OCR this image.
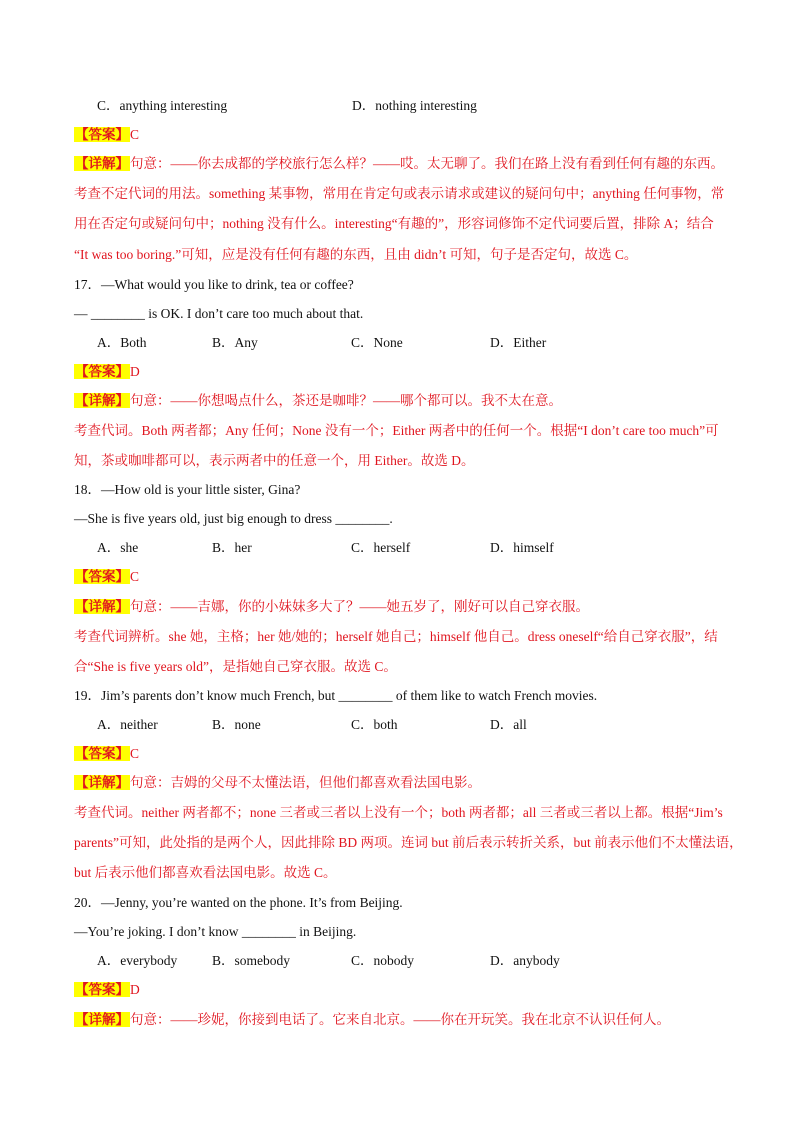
C．anything interesting	D．nothing interesting
【答案】C
【详解】句意：——你去成都的学校旅行怎么样？——哎。太无聊了。我们在路上没有看到任何有趣的东西。
考查不定代词的用法。something 某事物，常用在肯定句或表示请求或建议的疑问句中；anything 任何事物，常
用在否定句或疑问句中；nothing 没有什么。interesting“有趣的”，形容词修饰不定代词要后置，排除 A；结合
“It was too boring.”可知，应是没有任何有趣的东西，且由 didn’t 可知，句子是否定句，故选 C。
17．—What would you like to drink, tea or coffee?
— ________ is OK. I don’t care too much about that.
A．Both	B．Any	C．None	D．Either
【答案】D
【详解】句意：——你想喝点什么，茶还是咖啡？——哪个都可以。我不太在意。
考查代词。Both 两者都；Any 任何；None 没有一个；Either 两者中的任何一个。根据“I don’t care too much”可
知，茶或咖啡都可以，表示两者中的任意一个，用 Either。故选 D。
18．—How old is your little sister, Gina?
—She is five years old, just big enough to dress ________.
A．she	B．her	C．herself	D．himself
【答案】C
【详解】句意：——吉娜，你的小妹妹多大了？——她五岁了，刚好可以自己穿衣服。
考查代词辨析。she 她，主格；her 她/她的；herself 她自己；himself 他自己。dress oneself“给自己穿衣服”，结
合“She is five years old”，是指她自己穿衣服。故选 C。
19．Jim’s parents don’t know much French, but ________ of them like to watch French movies.
A．neither	B．none	C．both	D．all
【答案】C
【详解】句意：吉姆的父母不太懂法语，但他们都喜欢看法国电影。
考查代词。neither 两者都不；none 三者或三者以上没有一个；both 两者都；all 三者或三者以上都。根据“Jim’s
parents”可知，此处指的是两个人，因此排除 BD 两项。连词 but 前后表示转折关系，but 前表示他们不太懂法语，
but 后表示他们都喜欢看法国电影。故选 C。
20．—Jenny, you’re wanted on the phone. It’s from Beijing.
—You’re joking. I don’t know ________ in Beijing.
A．everybody	B．somebody	C．nobody	D．anybody
【答案】D
【详解】句意：——珍妮，你接到电话了。它来自北京。——你在开玩笑。我在北京不认识任何人。
